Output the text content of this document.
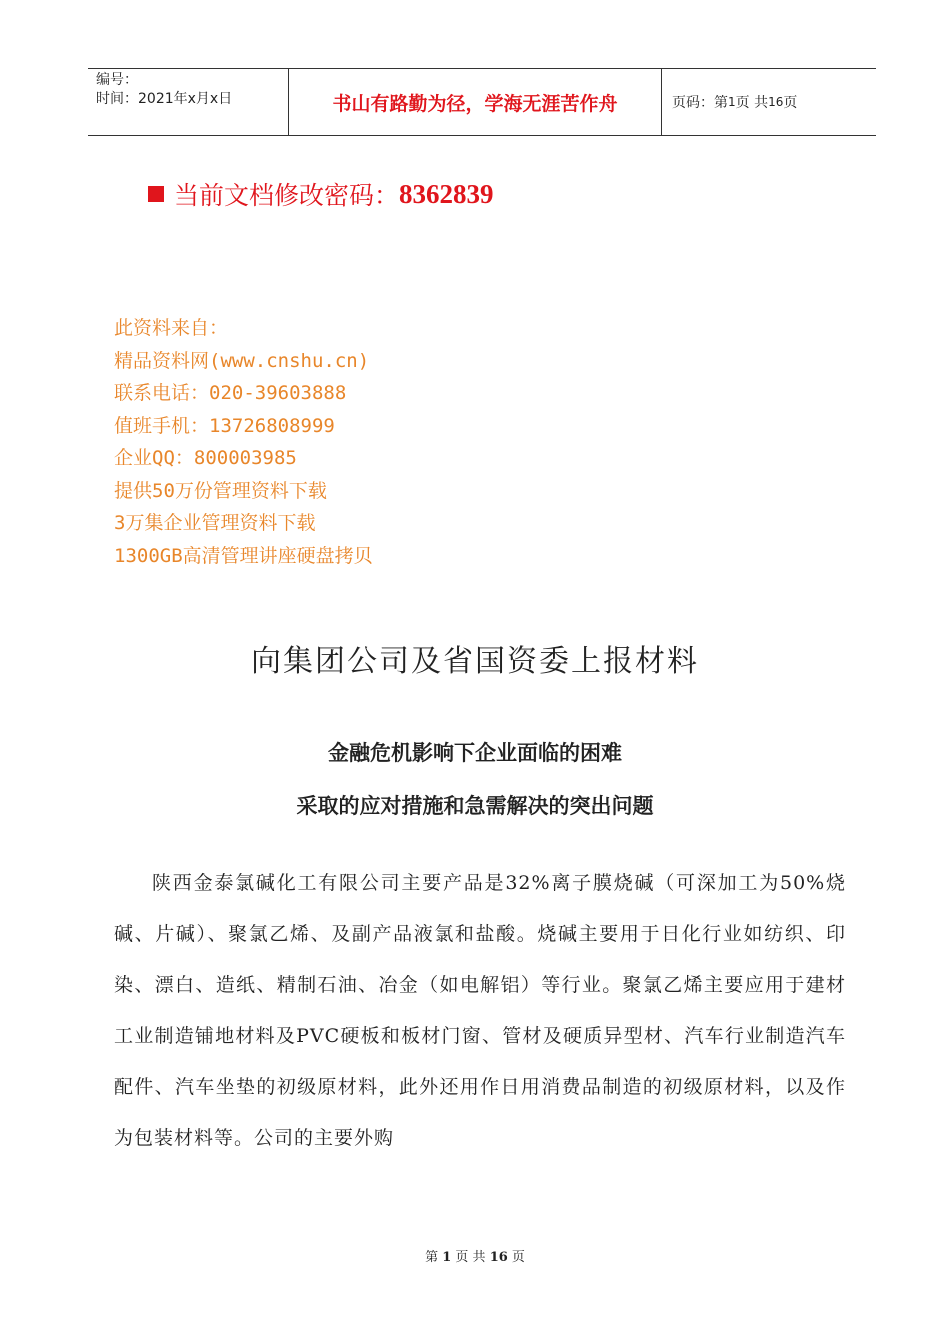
编号：
时间：2021年x月x日	书山有路勤为径，学海无涯苦作舟	页码：第 1 页 共 16 页
当前文档修改密码： 8362839
此资料来自：
精品资料网(www.cnshu.cn)
联系电话：020-39603888
值班手机：13726808999
企业QQ：800003985
提供50万份管理资料下载
3万集企业管理资料下载
1300GB高清管理讲座硬盘拷贝
向集团公司及省国资委上报材料
金融危机影响下企业面临的困难
采取的应对措施和急需解决的突出问题
陕西金泰氯碱化工有限公司主要产品是32%离子膜烧碱（可深加工为50%烧碱、片碱）、聚氯乙烯、及副产品液氯和盐酸。烧碱主要用于日化行业如纺织、印染、漂白、造纸、精制石油、冶金（如电解铝）等行业。聚氯乙烯主要应用于建材工业制造铺地材料及PVC硬板和板材门窗、管材及硬质异型材、汽车行业制造汽车配件、汽车坐垫的初级原材料，此外还用作日用消费品制造的初级原材料，以及作为包装材料等。公司的主要外购
第 1 页 共 16 页
